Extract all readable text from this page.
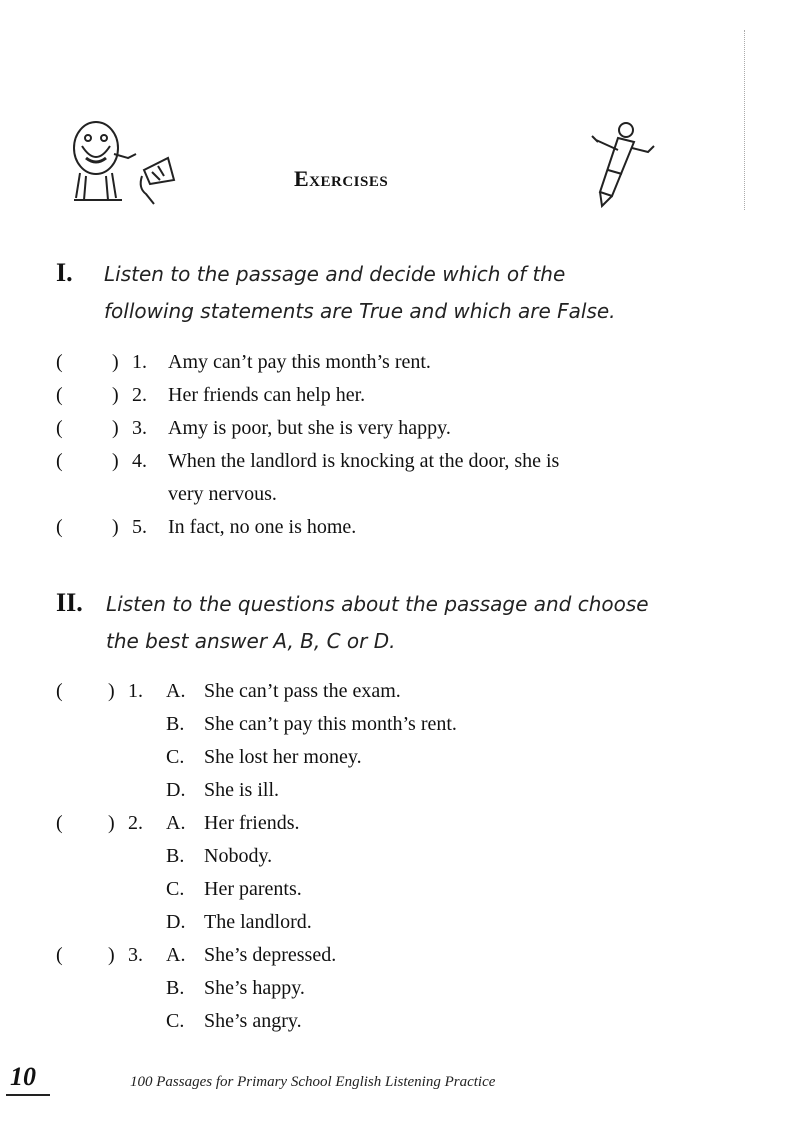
Exercises
I. Listen to the passage and decide which of the
following statements are True and which are False.
( ) 1. Amy can’t pay this month’s rent.
( ) 2. Her friends can help her.
( ) 3. Amy is poor, but she is very happy.
( ) 4. When the landlord is knocking at the door, she is
very nervous.
( ) 5. In fact, no one is home.
II. Listen to the questions about the passage and choose
the best answer A, B, C or D.
( ) 1. A. She can’t pass the exam.
B. She can’t pay this month’s rent.
C. She lost her money.
D. She is ill.
( ) 2. A. Her friends.
B. Nobody.
C. Her parents.
D. The landlord.
( ) 3. A. She’s depressed.
B. She’s happy.
C. She’s angry.
10	100 Passages for Primary School English Listening Practice
